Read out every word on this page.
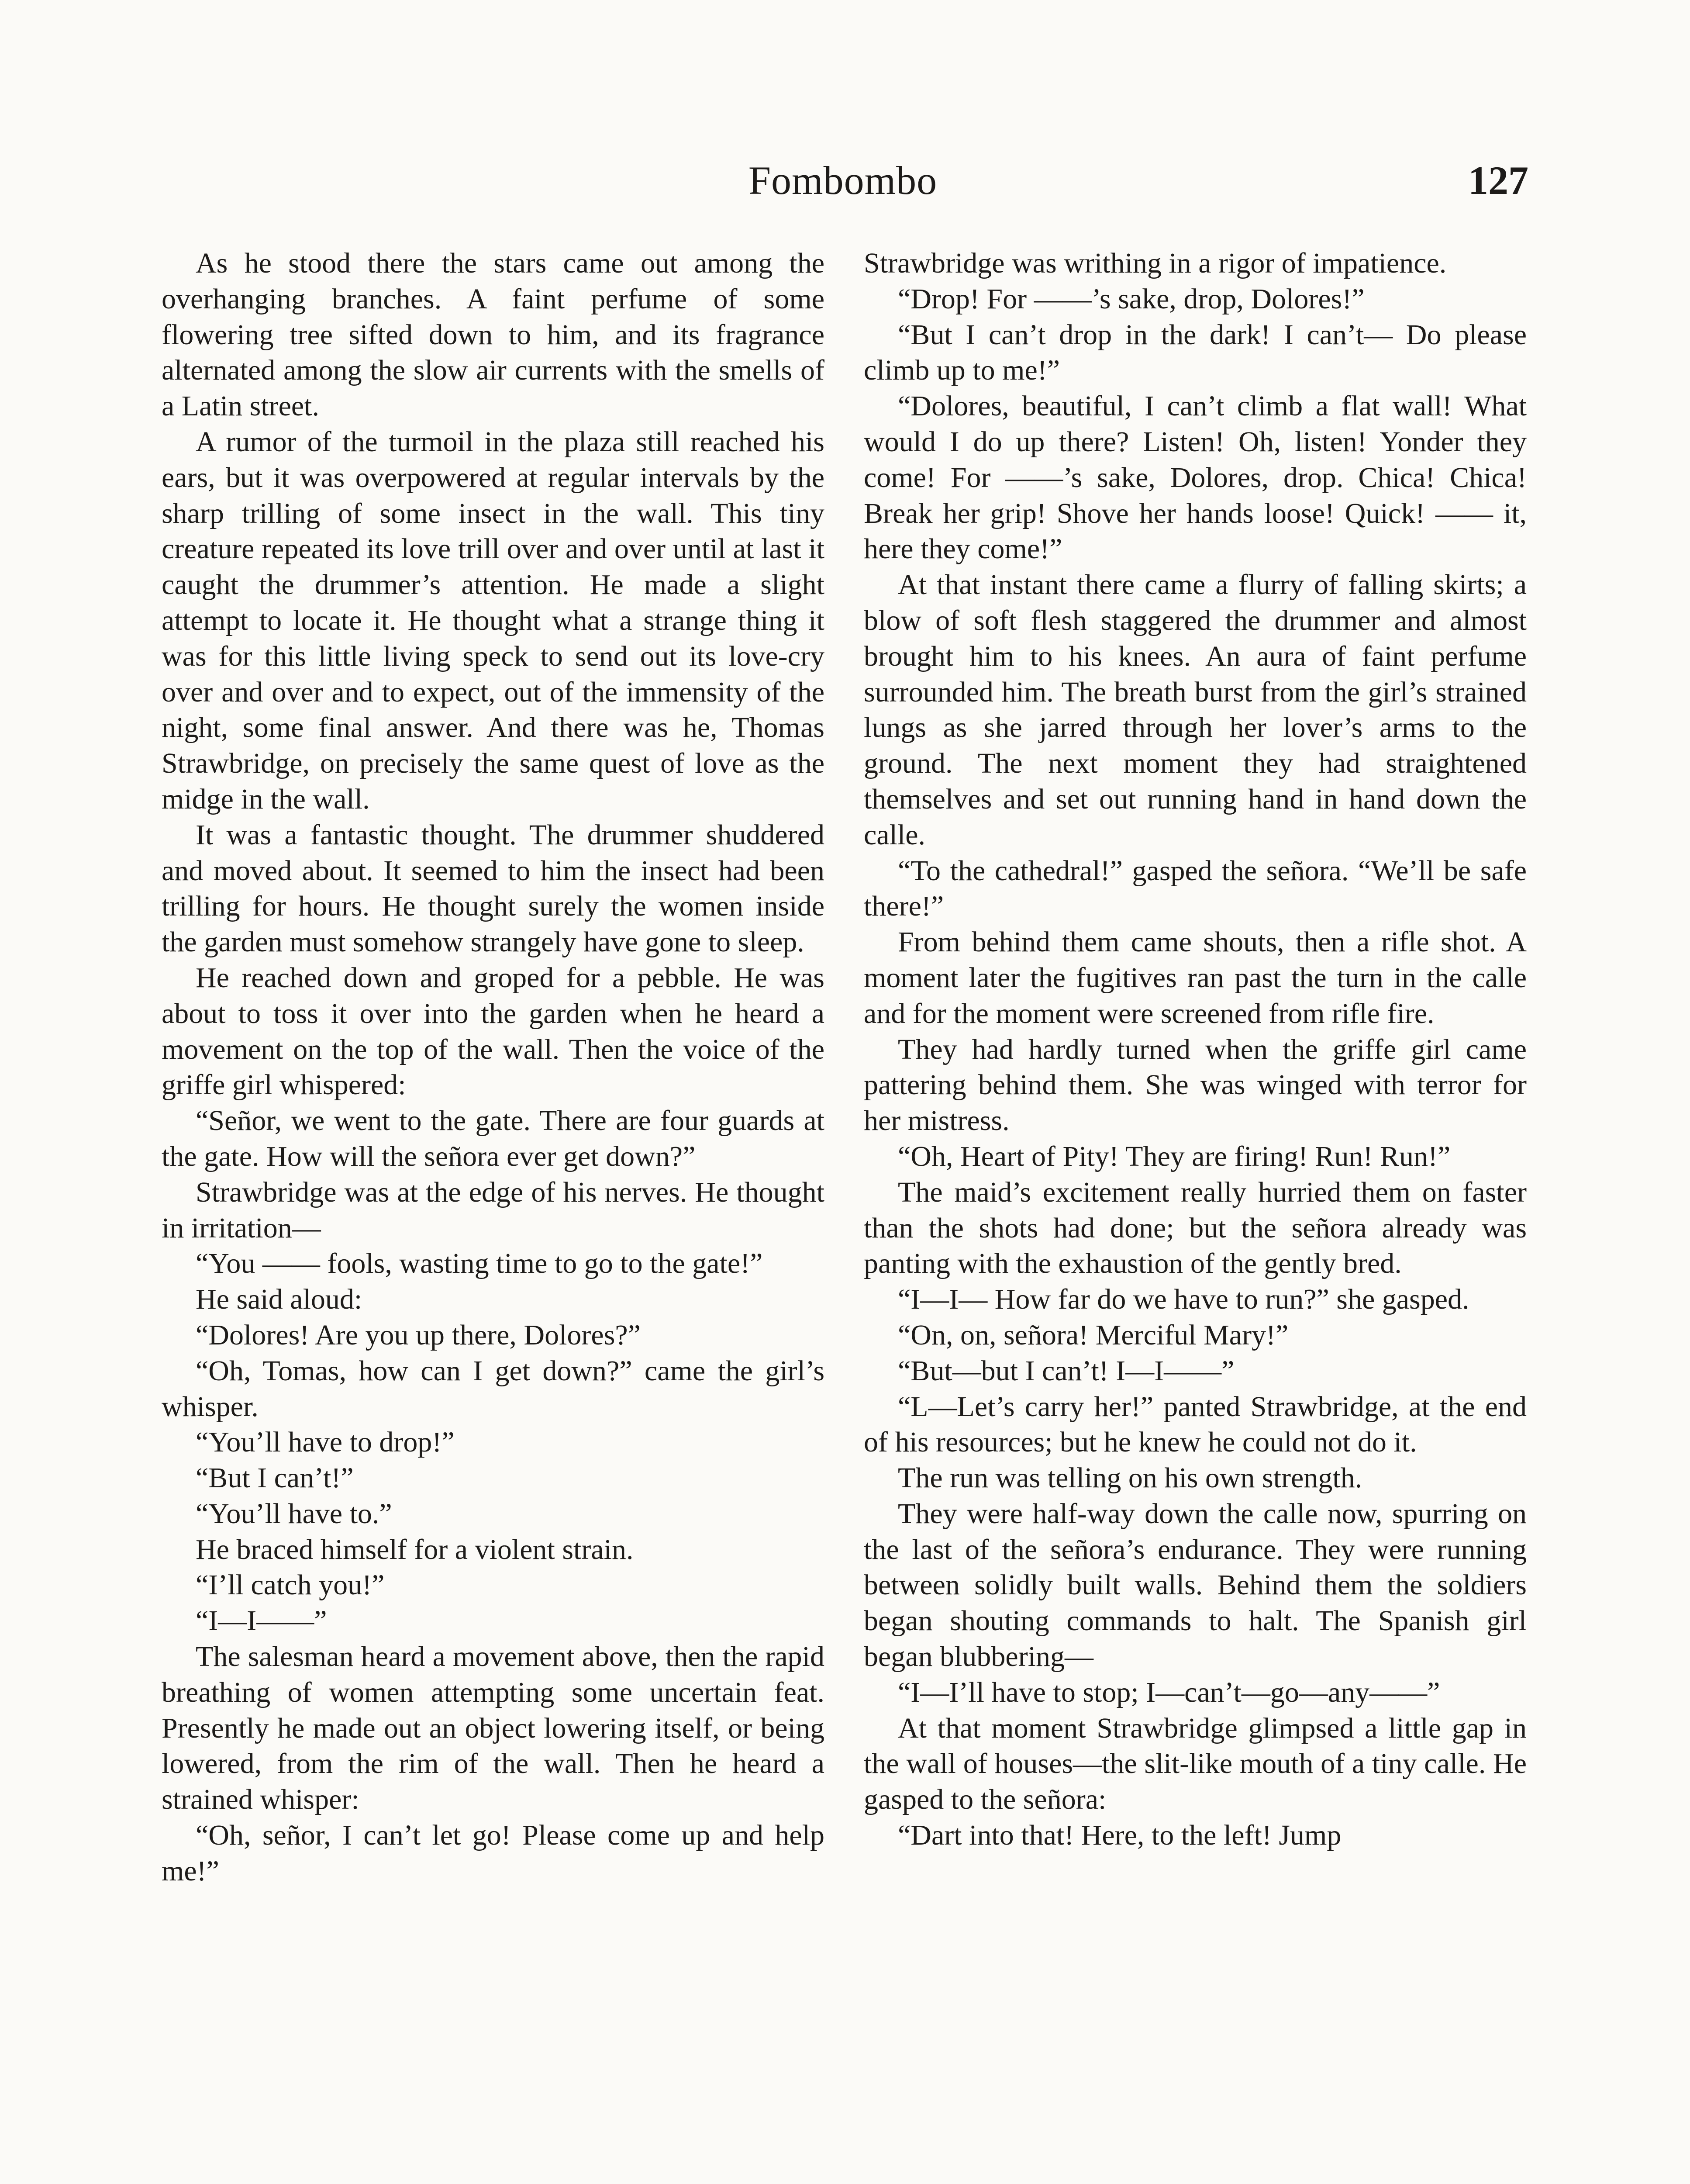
Fombombo	127

As he stood there the stars came out among the overhanging branches. A faint perfume of some flowering tree sifted down to him, and its fragrance alternated among the slow air currents with the smells of a Latin street.

A rumor of the turmoil in the plaza still reached his ears, but it was overpowered at regular intervals by the sharp trilling of some insect in the wall. This tiny creature repeated its love trill over and over until at last it caught the drummer’s attention. He made a slight attempt to locate it. He thought what a strange thing it was for this little living speck to send out its love-cry over and over and to expect, out of the immensity of the night, some final answer. And there was he, Thomas Strawbridge, on precisely the same quest of love as the midge in the wall.

It was a fantastic thought. The drummer shuddered and moved about. It seemed to him the insect had been trilling for hours. He thought surely the women inside the garden must somehow strangely have gone to sleep.

He reached down and groped for a pebble. He was about to toss it over into the garden when he heard a movement on the top of the wall. Then the voice of the griffe girl whispered:

“Señor, we went to the gate. There are four guards at the gate. How will the señora ever get down?”

Strawbridge was at the edge of his nerves. He thought in irritation—

“You —— fools, wasting time to go to the gate!”

He said aloud:

“Dolores! Are you up there, Dolores?”

“Oh, Tomas, how can I get down?” came the girl’s whisper.

“You’ll have to drop!”

“But I can’t!”

“You’ll have to.”

He braced himself for a violent strain.

“I’ll catch you!”

“I—I——”

The salesman heard a movement above, then the rapid breathing of women attempting some uncertain feat. Presently he made out an object lowering itself, or being lowered, from the rim of the wall. Then he heard a strained whisper:

“Oh, señor, I can’t let go! Please come up and help me!”

Strawbridge was writhing in a rigor of impatience.

“Drop! For ——’s sake, drop, Dolores!”

“But I can’t drop in the dark! I can’t— Do please climb up to me!”

“Dolores, beautiful, I can’t climb a flat wall! What would I do up there? Listen! Oh, listen! Yonder they come! For ——’s sake, Dolores, drop. Chica! Chica! Break her grip! Shove her hands loose! Quick! —— it, here they come!”

At that instant there came a flurry of falling skirts; a blow of soft flesh staggered the drummer and almost brought him to his knees. An aura of faint perfume surrounded him. The breath burst from the girl’s strained lungs as she jarred through her lover’s arms to the ground. The next moment they had straightened themselves and set out running hand in hand down the calle.

“To the cathedral!” gasped the señora. “We’ll be safe there!”

From behind them came shouts, then a rifle shot. A moment later the fugitives ran past the turn in the calle and for the moment were screened from rifle fire.

They had hardly turned when the griffe girl came pattering behind them. She was winged with terror for her mistress.

“Oh, Heart of Pity! They are firing! Run! Run!”

The maid’s excitement really hurried them on faster than the shots had done; but the señora already was panting with the exhaustion of the gently bred.

“I—I— How far do we have to run?” she gasped.

“On, on, señora! Merciful Mary!”

“But—but I can’t! I—I——”

“L—Let’s carry her!” panted Strawbridge, at the end of his resources; but he knew he could not do it.

The run was telling on his own strength.

They were half-way down the calle now, spurring on the last of the señora’s endurance. They were running between solidly built walls. Behind them the soldiers began shouting commands to halt. The Spanish girl began blubbering—

“I—I’ll have to stop; I—can’t—go—any——”

At that moment Strawbridge glimpsed a little gap in the wall of houses—the slit-like mouth of a tiny calle. He gasped to the señora:

“Dart into that! Here, to the left! Jump
